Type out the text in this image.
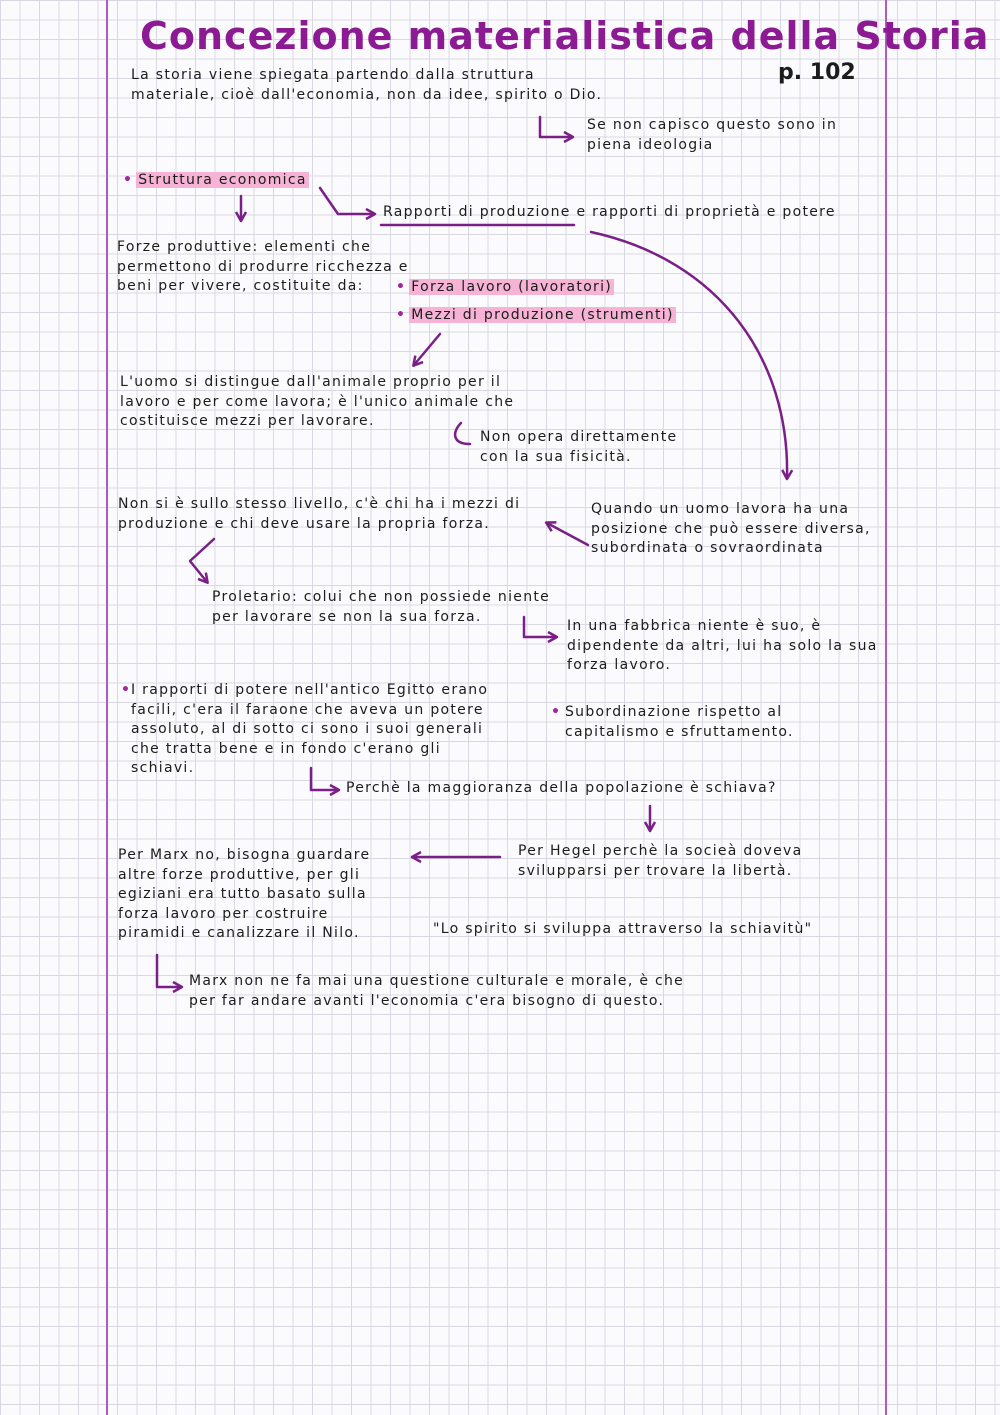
Concezione materialistica della Storia
p. 102

La storia viene spiegata partendo dalla struttura
materiale, cioè dall'economia, non da idee, spirito o Dio.

Se non capisco questo sono in
piena ideologia

• Struttura economica

Rapporti di produzione e rapporti di proprietà e potere

Forze produttive: elementi che
permettono di produrre ricchezza e
beni per vivere, costituite da:	• Forza lavoro (lavoratori)

• Mezzi di produzione (strumenti)

L'uomo si distingue dall'animale proprio per il
lavoro e per come lavora; è l'unico animale che
costituisce mezzi per lavorare.

Non opera direttamente
con la sua fisicità.

Non si è sullo stesso livello, c'è chi ha i mezzi di
produzione e chi deve usare la propria forza.

Quando un uomo lavora ha una
posizione che può essere diversa,
subordinata o sovraordinata

Proletario: colui che non possiede niente
per lavorare se non la sua forza.

In una fabbrica niente è suo, è
dipendente da altri, lui ha solo la sua
forza lavoro.

• I rapporti di potere nell'antico Egitto erano
facili, c'era il faraone che aveva un potere
assoluto, al di sotto ci sono i suoi generali
che tratta bene e in fondo c'erano gli
schiavi.

• Subordinazione rispetto al
capitalismo e sfruttamento.

Perchè la maggioranza della popolazione è schiava?

Per Hegel perchè la socieà doveva
svilupparsi per trovare la libertà.

Per Marx no, bisogna guardare
altre forze produttive, per gli
egiziani era tutto basato sulla
forza lavoro per costruire
piramidi e canalizzare il Nilo.	"Lo spirito si sviluppa attraverso la schiavitù"

Marx non ne fa mai una questione culturale e morale, è che
per far andare avanti l'economia c'era bisogno di questo.
